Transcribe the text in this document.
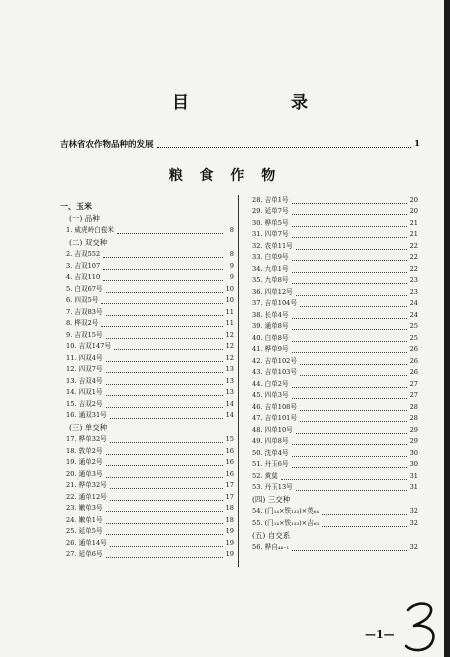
目	录
吉林省农作物品种的发展	1
粮 食 作 物
一、玉米
(一) 品种
1. 威虎岭白苞米	8
(二) 双交种
2. 吉双552	8
3. 吉双107	9
4. 吉双110	9
5. 白双67号	10
6. 四双5号	10
7. 吉双83号	11
8. 桦双2号	11
9. 吉双15号	12
10. 吉双147号	12
11. 四双4号	12
12. 四双7号	13
13. 吉双4号	13
14. 四双1号	13
15. 吉双2号	14
16. 通双31号	14
(三) 单交种
17. 桦单32号	15
18. 敦单2号	16
19. 通单2号	16
20. 通单3号	16
21. 桦单32号	17
22. 通单12号	17
23. 嫩单3号	18
24. 嫩单1号	18
25. 延单5号	19
26. 通单14号	19
27. 延单6号	19
28. 吉单1号	20
29. 延单7号	20
30. 桦单5号	21
31. 四单7号	21
32. 农单11号	22
33. 白单9号	22
34. 九单1号	22
35. 九单8号	23
36. 四单12号	23
37. 吉单104号	24
38. 长单4号	24
39. 通单8号	25
40. 白单8号	25
41. 桦单9号	26
42. 吉单102号	26
43. 吉单103号	26
44. 白单2号	27
45. 四单3号	27
46. 吉单108号	28
47. 吉单101号	28
48. 四单10号	29
49. 四单8号	29
50. 沈单4号	30
51. 丹玉6号	30
52. 黄莫	31
53. 丹玉13号	31
(四) 三交种
54. (门₁₄×铁₁₃₃)×英₆₄	32
55. (门₁₄×铁₁₃₃)×吉₆₃	32
(五) 自交系
56. 桦自₄₄₋₁	32
—1—
